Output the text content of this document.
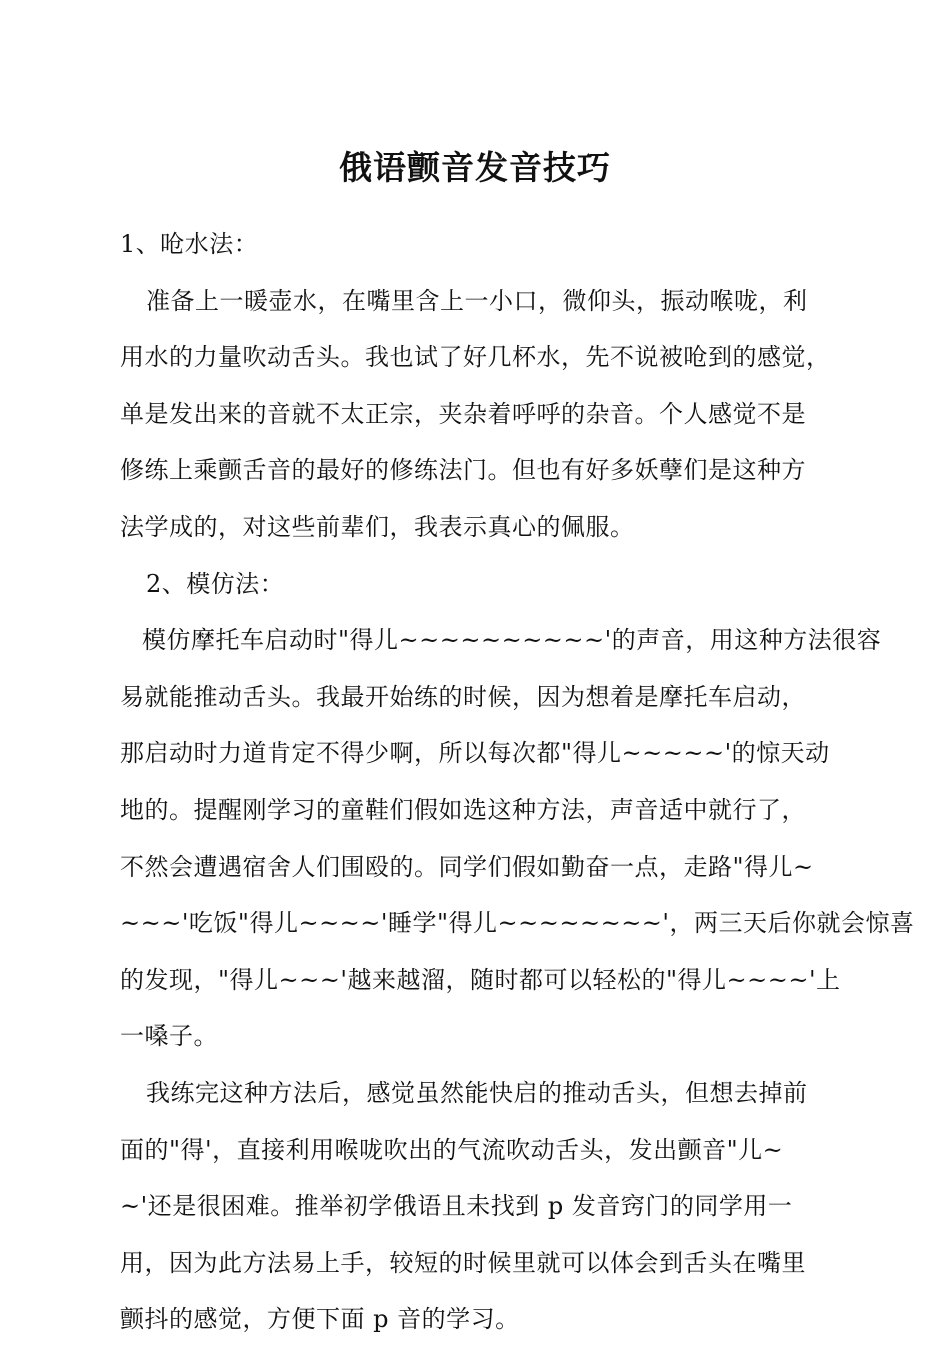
俄语颤音发音技巧
1、呛水法：
准备上一暖壶水，在嘴里含上一小口，微仰头，振动喉咙，利
用水的力量吹动舌头。我也试了好几杯水，先不说被呛到的感觉，
单是发出来的音就不太正宗，夹杂着呼呼的杂音。个人感觉不是
修练上乘颤舌音的最好的修练法门。但也有好多妖孽们是这种方
法学成的，对这些前辈们，我表示真心的佩服。
2、模仿法：
模仿摩托车启动时"得儿~~~~~~~~~~'的声音，用这种方法很容
易就能推动舌头。我最开始练的时候，因为想着是摩托车启动，
那启动时力道肯定不得少啊，所以每次都"得儿~~~~~'的惊天动
地的。提醒刚学习的童鞋们假如选这种方法，声音适中就行了，
不然会遭遇宿舍人们围殴的。同学们假如勤奋一点，走路"得儿~
~~~'吃饭"得儿~~~~'睡学"得儿~~~~~~~~'，两三天后你就会惊喜
的发现，"得儿~~~'越来越溜，随时都可以轻松的"得儿~~~~'上
一嗓子。
我练完这种方法后，感觉虽然能快启的推动舌头，但想去掉前
面的"得'，直接利用喉咙吹出的气流吹动舌头，发出颤音"儿~
~'还是很困难。推举初学俄语且未找到 p 发音窍门的同学用一
用，因为此方法易上手，较短的时候里就可以体会到舌头在嘴里
颤抖的感觉，方便下面 p 音的学习。
